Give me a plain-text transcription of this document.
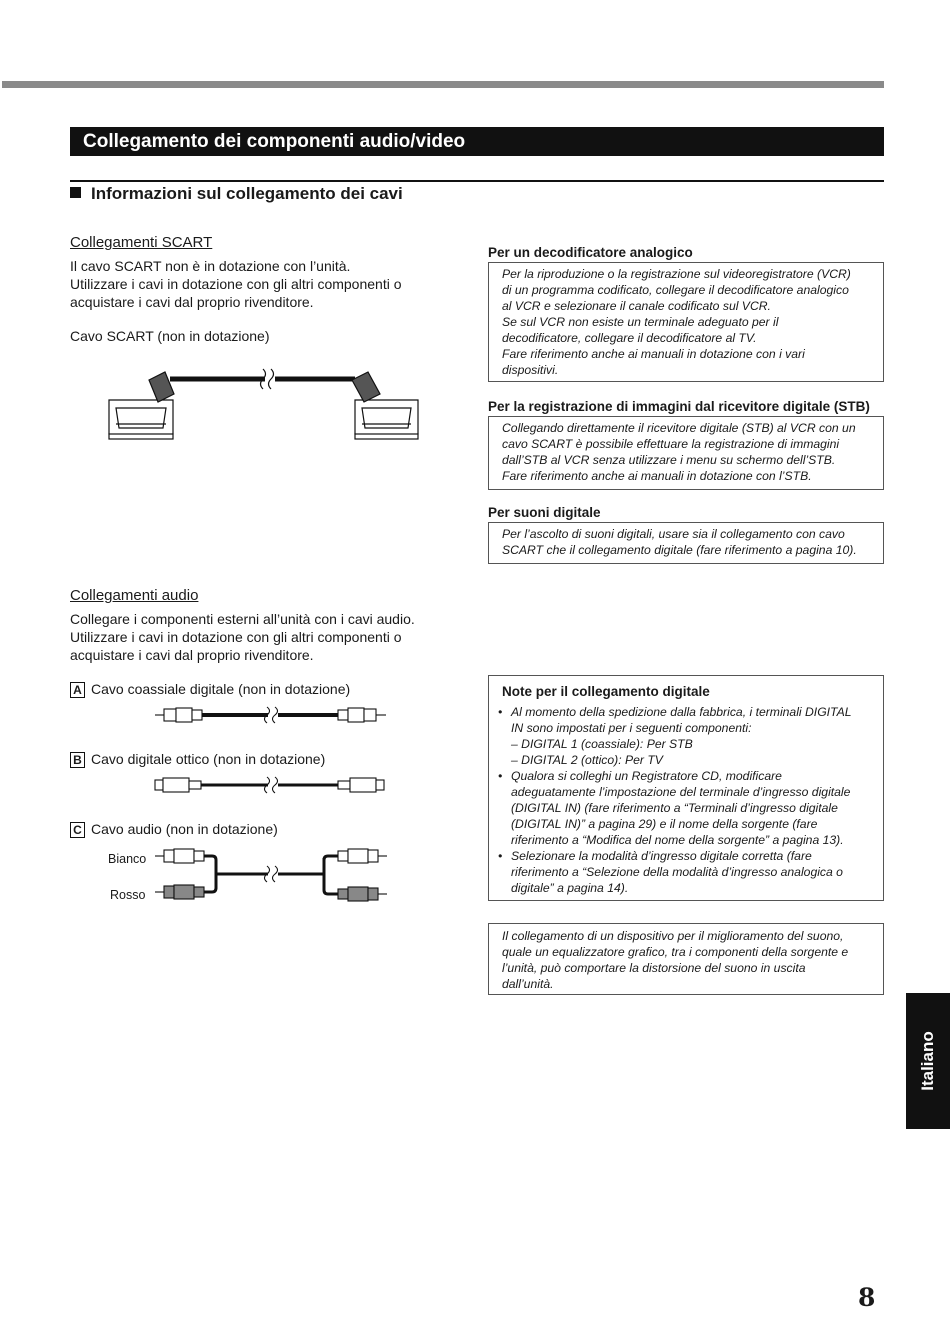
Collegamento dei componenti audio/video
Informazioni sul collegamento dei cavi
Collegamenti SCART
Il cavo SCART non è in dotazione con l’unità.
Utilizzare i cavi in dotazione con gli altri componenti o
acquistare i cavi dal proprio rivenditore.
Cavo SCART (non in dotazione)
Collegamenti audio
Collegare i componenti esterni all’unità con i cavi audio.
Utilizzare i cavi in dotazione con gli altri componenti o
acquistare i cavi dal proprio rivenditore.
A Cavo coassiale digitale (non in dotazione)
B Cavo digitale ottico (non in dotazione)
C Cavo audio (non in dotazione)
Bianco
Rosso
Per un decodificatore analogico

Per la riproduzione o la registrazione sul videoregistratore (VCR)

di un programma codificato, collegare il decodificatore analogico

al VCR e selezionare il canale codificato sul VCR.

Se sul VCR non esiste un terminale adeguato per il

decodificatore, collegare il decodificatore al TV.

Fare riferimento anche ai manuali in dotazione con i vari

dispositivi.

Per la registrazione di immagini dal ricevitore digitale (STB)

Collegando direttamente il ricevitore digitale (STB) al VCR con un

cavo SCART è possibile effettuare la registrazione di immagini

dall’STB al VCR senza utilizzare i menu su schermo dell’STB.

Fare riferimento anche ai manuali in dotazione con l’STB.

Per suoni digitale

Per l’ascolto di suoni digitali, usare sia il collegamento con cavo

SCART che il collegamento digitale (fare riferimento a pagina 10).

Note per il collegamento digitale
• Al momento della spedizione dalla fabbrica, i terminali DIGITAL
IN sono impostati per i seguenti componenti:
– DIGITAL 1 (coassiale): Per STB
– DIGITAL 2 (ottico): Per TV
• Qualora si colleghi un Registratore CD, modificare
adeguatamente l’impostazione del terminale d’ingresso digitale
(DIGITAL IN) (fare riferimento a “Terminali d’ingresso digitale
(DIGITAL IN)” a pagina 29) e il nome della sorgente (fare
riferimento a “Modifica del nome della sorgente” a pagina 13).
• Selezionare la modalità d’ingresso digitale corretta (fare
riferimento a “Selezione della modalità d’ingresso analogica o
digitale” a pagina 14).

Il collegamento di un dispositivo per il miglioramento del suono,

quale un equalizzatore grafico, tra i componenti della sorgente e

l’unità, può comportare la distorsione del suono in uscita

dall’unità.

Italiano
8
